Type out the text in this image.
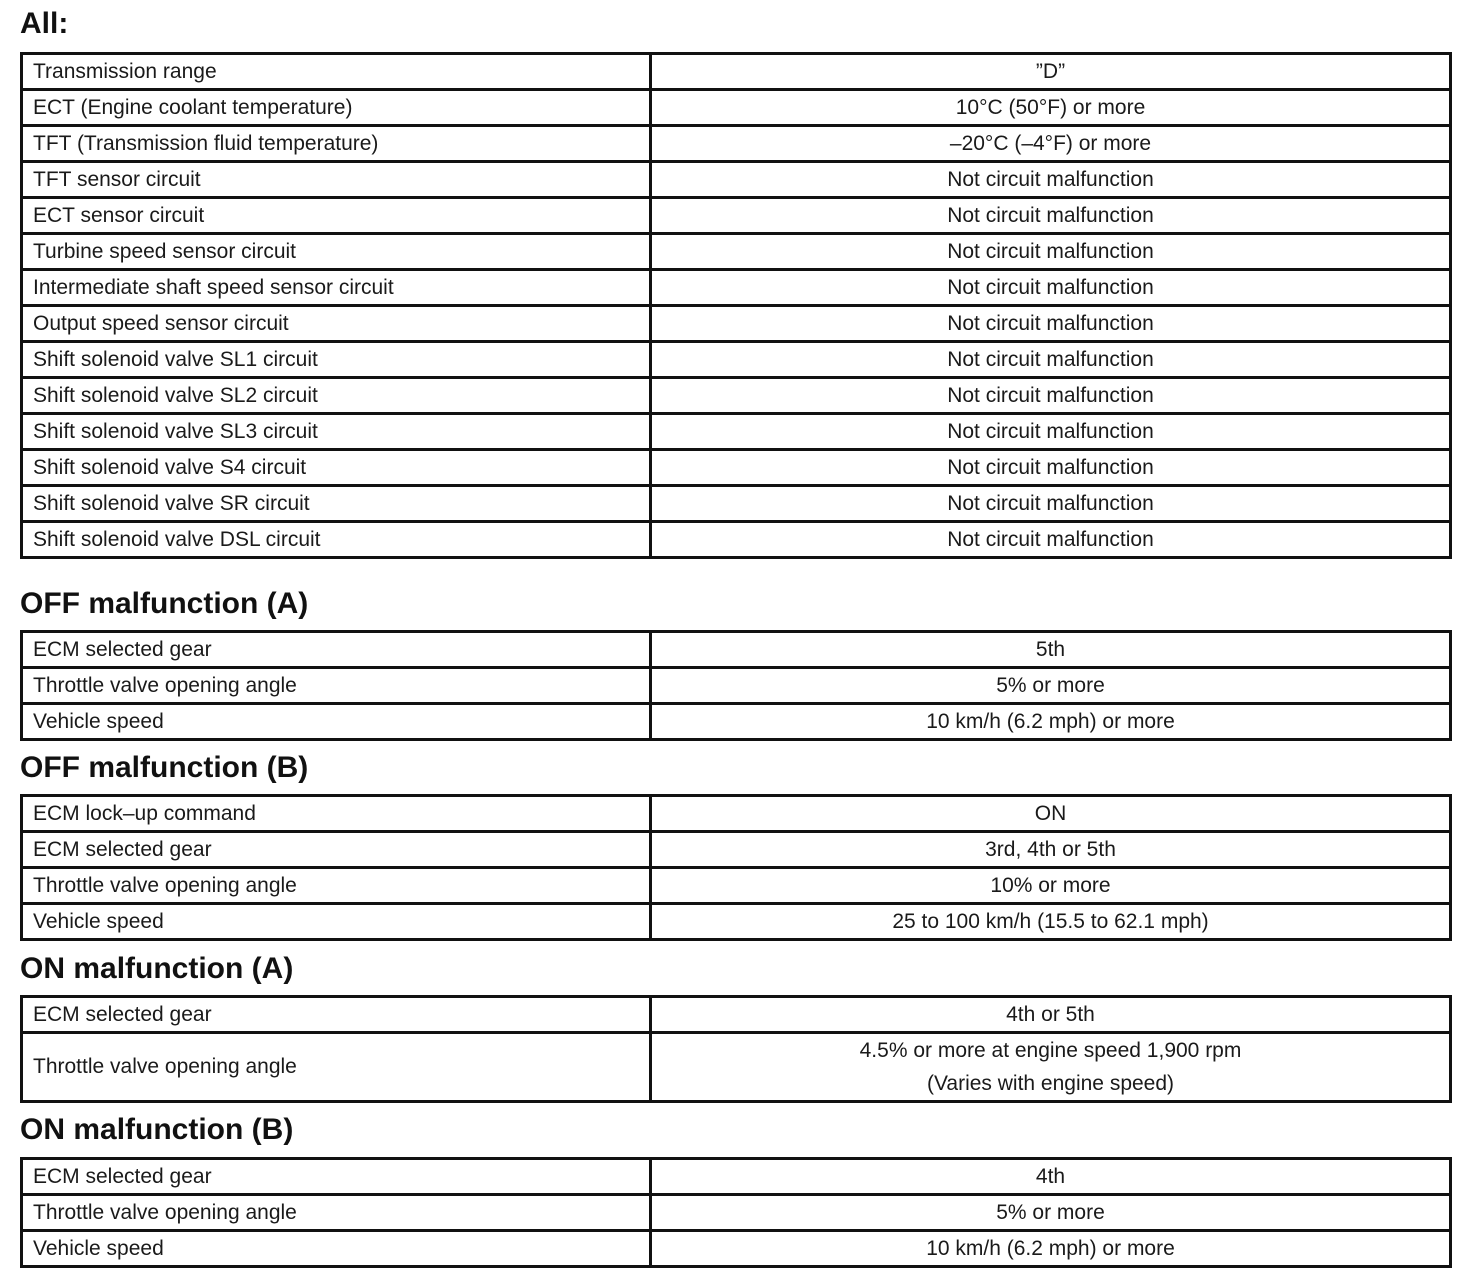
All:
Transmission range	”D”

ECT (Engine coolant temperature)	10°C (50°F) or more

TFT (Transmission fluid temperature)	–20°C (–4°F) or more

TFT sensor circuit	Not circuit malfunction

ECT sensor circuit	Not circuit malfunction

Turbine speed sensor circuit	Not circuit malfunction

Intermediate shaft speed sensor circuit	Not circuit malfunction

Output speed sensor circuit	Not circuit malfunction

Shift solenoid valve SL1 circuit	Not circuit malfunction

Shift solenoid valve SL2 circuit	Not circuit malfunction

Shift solenoid valve SL3 circuit	Not circuit malfunction

Shift solenoid valve S4 circuit	Not circuit malfunction

Shift solenoid valve SR circuit	Not circuit malfunction

Shift solenoid valve DSL circuit	Not circuit malfunction
OFF malfunction (A)
ECM selected gear	5th

Throttle valve opening angle	5% or more

Vehicle speed	10 km/h (6.2 mph) or more
OFF malfunction (B)
ECM lock–up command	ON

ECM selected gear	3rd, 4th or 5th

Throttle valve opening angle	10% or more

Vehicle speed	25 to 100 km/h (15.5 to 62.1 mph)
ON malfunction (A)
ECM selected gear	4th or 5th

Throttle valve opening angle	4.5% or more at engine speed 1,900 rpm
(Varies with engine speed)
ON malfunction (B)
ECM selected gear	4th

Throttle valve opening angle	5% or more

Vehicle speed	10 km/h (6.2 mph) or more
